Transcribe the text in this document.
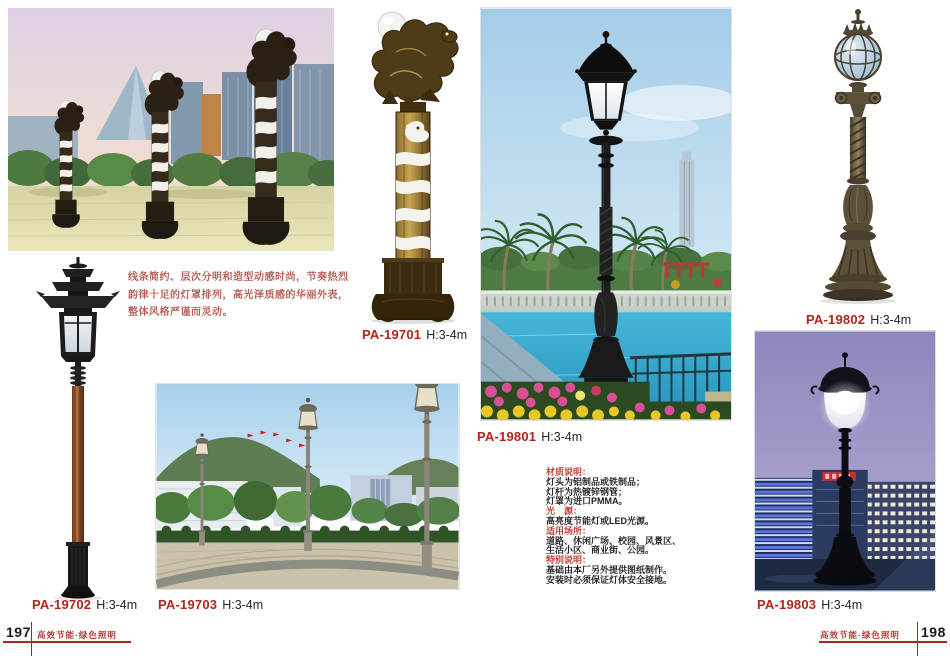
线条简约、层次分明和造型动感时尚，节奏热烈
韵律十足的灯罩排列，高光泽质感的华丽外表，
整体风格严谨而灵动。
PA-19701 H:3-4m
PA-19702 H:3-4m PA-19703 H:3-4m
PA-19801 H:3-4m
材质说明：
灯头为铝制品或铁制品；
灯杆为热镀锌钢管；
灯罩为进口PMMA。
光　源：
高亮度节能灯或LED光源。
适用场所：
道路、休闲广场、校园、风景区、
生活小区、商业街、公园。
特别说明：
基础由本厂另外提供图纸制作。
安装时必须保证灯体安全接地。
PA-19802 H:3-4m
PA-19803 H:3-4m
197 高效节能·绿色照明	高效节能·绿色照明 198
